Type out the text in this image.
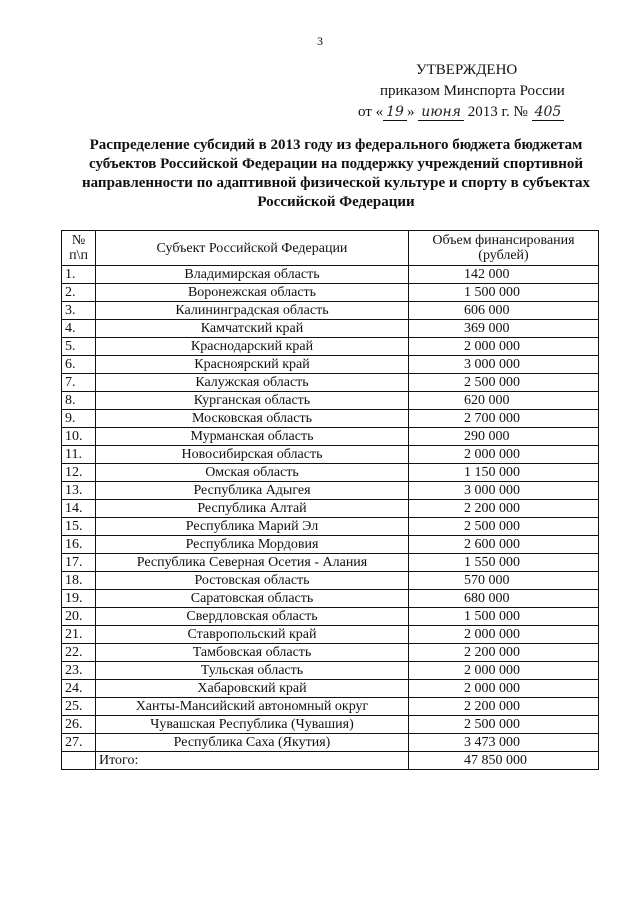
3
УТВЕРЖДЕНО
приказом Минспорта России
от « 19 » июня 2013 г. № 405
Распределение субсидий в 2013 году из федерального бюджета бюджетам субъектов Российской Федерации на поддержку учреждений спортивной направленности по адаптивной физической культуре и спорту в субъектах Российской Федерации
№ п\п	Субъект Российской Федерации	Объем финансирования (рублей)
1.	Владимирская область	142 000
2.	Воронежская область	1 500 000
3.	Калининградская область	606 000
4.	Камчатский край	369 000
5.	Краснодарский край	2 000 000
6.	Красноярский край	3 000 000
7.	Калужская область	2 500 000
8.	Курганская область	620 000
9.	Московская область	2 700 000
10.	Мурманская область	290 000
11.	Новосибирская область	2 000 000
12.	Омская область	1 150 000
13.	Республика Адыгея	3 000 000
14.	Республика Алтай	2 200 000
15.	Республика Марий Эл	2 500 000
16.	Республика Мордовия	2 600 000
17.	Республика Северная Осетия - Алания	1 550 000
18.	Ростовская область	570 000
19.	Саратовская область	680 000
20.	Свердловская область	1 500 000
21.	Ставропольский край	2 000 000
22.	Тамбовская область	2 200 000
23.	Тульская область	2 000 000
24.	Хабаровский край	2 000 000
25.	Ханты-Мансийский автономный округ	2 200 000
26.	Чувашская Республика (Чувашия)	2 500 000
27.	Республика Саха (Якутия)	3 473 000
	Итого:	47 850 000
